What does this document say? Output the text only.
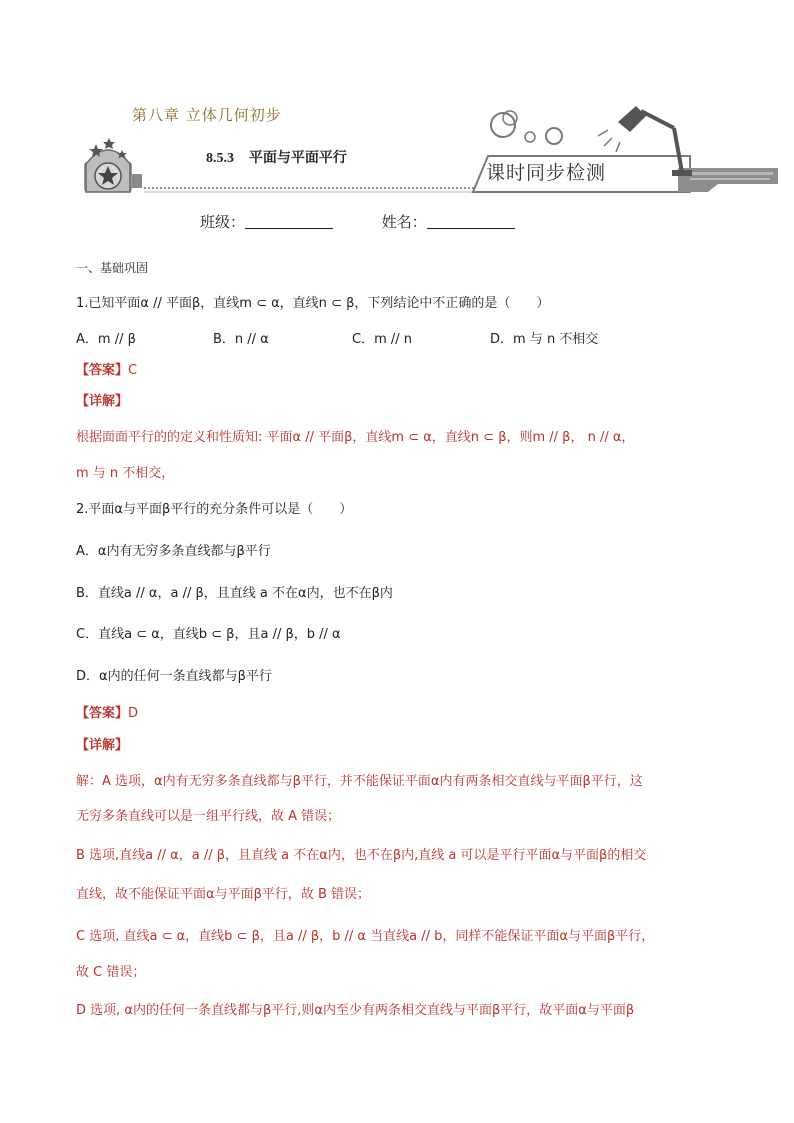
第八章 立体几何初步
8.5.3 平面与平面平行
课时同步检测
班级：	姓名：
一、基础巩固
1.已知平面α // 平面β，直线m ⊂ α，直线n ⊂ β，下列结论中不正确的是（　　）
A．m // β	B．n // α	C．m // n	D．m 与 n 不相交
【答案】C
【详解】
根据面面平行的的定义和性质知: 平面α // 平面β，直线m ⊂ α，直线n ⊂ β，则m // β， n // α，
m 与 n 不相交，
2.平面α与平面β平行的充分条件可以是（　　）
A．α内有无穷多条直线都与β平行
B．直线a // α，a // β，且直线 a 不在α内，也不在β内
C．直线a ⊂ α，直线b ⊂ β，且a // β，b // α
D．α内的任何一条直线都与β平行
【答案】D
【详解】
解：A 选项，α内有无穷多条直线都与β平行，并不能保证平面α内有两条相交直线与平面β平行，这
无穷多条直线可以是一组平行线，故 A 错误；
B 选项,直线a // α，a // β，且直线 a 不在α内，也不在β内,直线 a 可以是平行平面α与平面β的相交
直线，故不能保证平面α与平面β平行，故 B 错误；
C 选项, 直线a ⊂ α，直线b ⊂ β，且a // β，b // α 当直线a // b，同样不能保证平面α与平面β平行，
故 C 错误；
D 选项, α内的任何一条直线都与β平行,则α内至少有两条相交直线与平面β平行，故平面α与平面β
